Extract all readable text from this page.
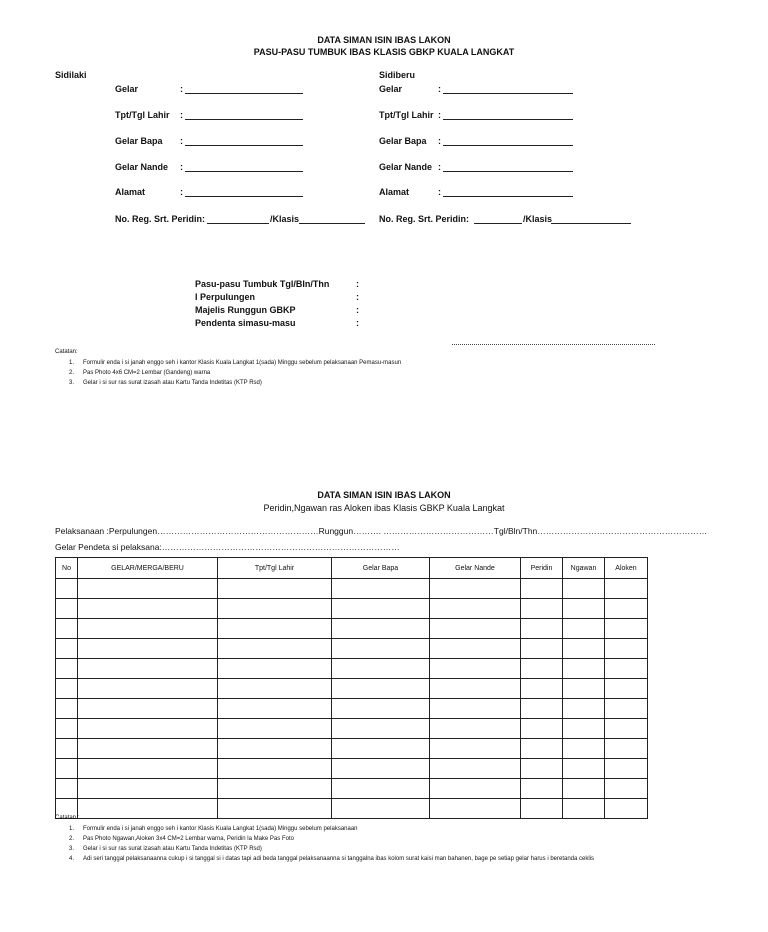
DATA SIMAN ISIN IBAS LAKON
PASU-PASU TUMBUK IBAS KLASIS GBKP KUALA LANGKAT
Sidilaki	Sidiberu
Gelar	:
Tpt/Tgl Lahir :
Gelar Bapa :
Gelar Nande :
Alamat	:
No. Reg. Srt. Peridin:	/Klasis
Gelar	:
Tpt/Tgl Lahir :
Gelar Bapa :
Gelar Nande :
Alamat	:
No. Reg. Srt. Peridin:	/Klasis
Pasu-pasu Tumbuk Tgl/Bln/Thn	:
I Perpulungen	:
Majelis Runggun GBKP	:
Pendenta simasu-masu	:
Catatan:
1. Formulir enda i si janah enggo seh i kantor Klasis Kuala Langkat 1(sada) Minggu sebelum pelaksanaan Pemasu-masun
2. Pas Photo 4x6 CM=2 Lembar (Gandeng) warna
3. Gelar i si sur ras surat izasah atau Kartu Tanda Indetitas (KTP Rsd)
DATA SIMAN ISIN IBAS LAKON
Peridin,Ngawan ras Aloken ibas Klasis GBKP Kuala Langkat
Pelaksanaan :Perpulungen…………………………………………………Runggun………. …………………………………Tgl/Bln/Thn……………………………………………………
Gelar Pendeta si pelaksana:…………………………………………………………………………
No	GELAR/MERGA/BERU	Tpt/Tgl Lahir	Gelar Bapa	Gelar Nande	Peridin	Ngawan	Aloken

Catatan :
1. Formulir enda i si janah enggo seh i kantor Klasis Kuala Langkat 1(sada) Minggu sebelum pelaksanaan
2. Pas Photo Ngawan,Aloken 3x4 CM=2 Lembar warna, Peridin la Make Pas Foto
3. Gelar i si sur ras surat izasah atau Kartu Tanda Indetitas (KTP Rsd)
4.	Adi seri tanggal pelaksanaanna cukup i si tanggal si i datas tapi adi beda tanggal pelaksanaanna si tanggalna ibas kolom surat kaisi man bahanen, bage pe setiap gelar harus i beretanda ceklis
